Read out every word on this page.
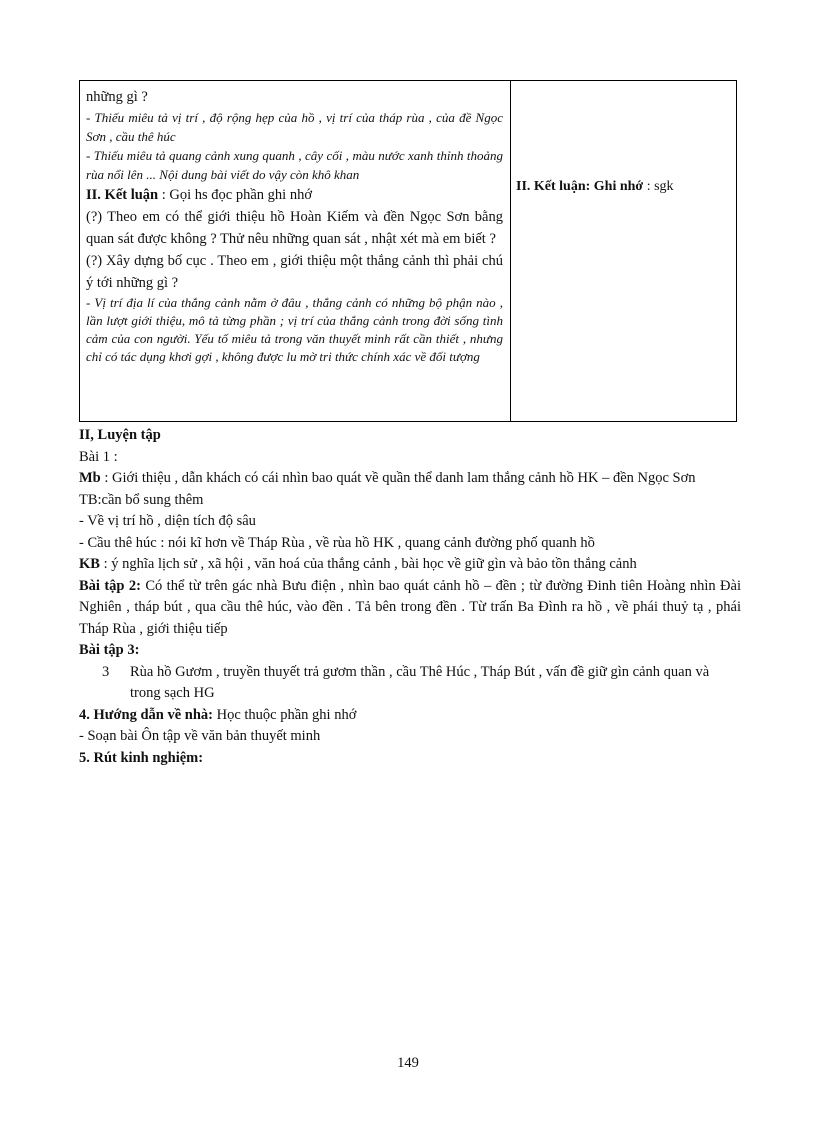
những gì ?
- Thiếu miêu tả vị trí , độ rộng hẹp của hồ , vị trí của tháp rùa , của đề Ngọc Sơn , cầu thê húc
- Thiếu miêu tả quang cảnh xung quanh , cây cối , màu nước xanh thỉnh thoảng rùa nổi lên ... Nội dung bài viết do vậy còn khô khan
II. Kết luận : Gọi hs đọc phần ghi nhớ
(?) Theo em có thể giới thiệu hồ Hoàn Kiếm và đền Ngọc Sơn bằng quan sát được không ? Thử nêu những quan sát , nhật xét mà em biết ?
(?) Xây dựng bố cục . Theo em , giới thiệu một thắng cảnh thì phải chú ý tới những gì ?
- Vị trí địa lí của thắng cảnh nằm ở đâu , thắng cảnh có những bộ phận nào , lần lượt giới thiệu, mô tả từng phần ; vị trí của thắng cảnh trong đời sống tình cảm của con người. Yếu tố miêu tả trong văn thuyết minh rất cần thiết , nhưng chỉ có tác dụng khơi gợi , không được lu mờ tri thức chính xác về đối tượng
II. Kết luận: Ghi nhớ : sgk

II, Luyện tập

Bài 1 :

Mb : Giới thiệu , dẫn khách có cái nhìn bao quát về quần thể danh lam thắng cảnh hồ HK – đền Ngọc Sơn

TB:cần bổ sung thêm

- Về vị trí hồ , diện tích độ sâu

- Cầu thê húc : nói kĩ hơn về Tháp Rùa , về rùa hồ HK , quang cảnh đường phố quanh hồ

KB : ý nghĩa lịch sử , xã hội , văn hoá của thắng cảnh , bài học về giữ gìn và bảo tồn thắng cảnh

Bài tập 2: Có thể từ trên gác nhà Bưu điện , nhìn bao quát cảnh hồ – đền ; từ đường Đinh tiên Hoàng nhìn Đài Nghiên , tháp bút , qua cầu thê húc, vào đền . Tả bên trong đền . Từ trấn Ba Đình ra hồ , về phái thuỷ tạ , phái Tháp Rùa , giới thiệu tiếp

Bài tập 3:

3	Rùa hồ Gươm , truyền thuyết trả gươm thần , cầu Thê Húc , Tháp Bút , vấn đề giữ gìn cảnh quan và trong sạch HG

4. Hướng dẫn về nhà: Học thuộc phần ghi nhớ

- Soạn bài Ôn tập về văn bản thuyết minh

5. Rút kinh nghiệm:

149
